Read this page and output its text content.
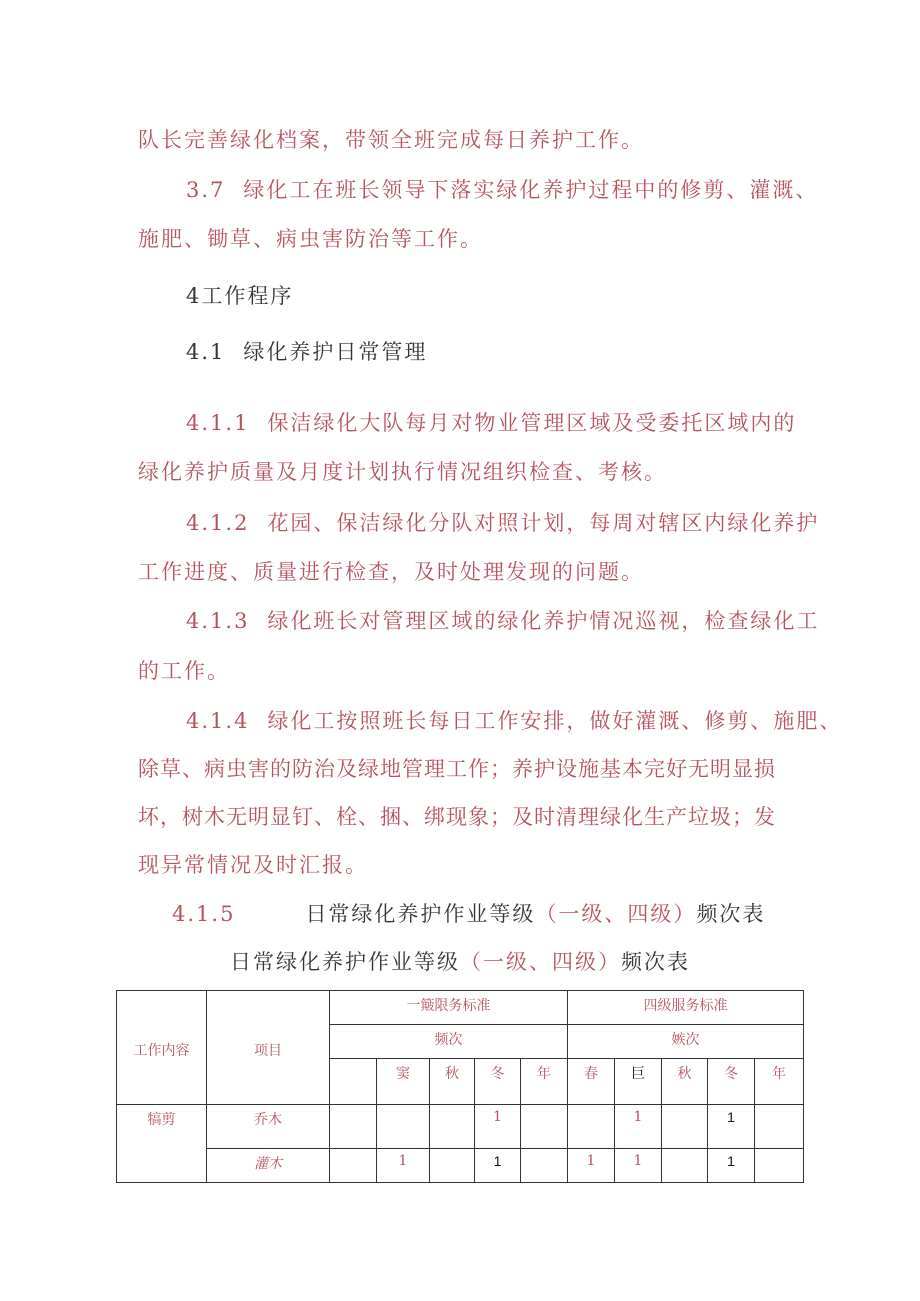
队长完善绿化档案，带领全班完成每日养护工作。
3.7 绿化工在班长领导下落实绿化养护过程中的修剪、灌溉、
施肥、锄草、病虫害防治等工作。
4工作程序
4.1 绿化养护日常管理
4.1.1 保洁绿化大队每月对物业管理区域及受委托区域内的
绿化养护质量及月度计划执行情况组织检查、考核。
4.1.2 花园、保洁绿化分队对照计划，每周对辖区内绿化养护
工作进度、质量进行检查，及时处理发现的问题。
4.1.3 绿化班长对管理区域的绿化养护情况巡视，检查绿化工
的工作。
4.1.4 绿化工按照班长每日工作安排，做好灌溉、修剪、施肥、
除草、病虫害的防治及绿地管理工作；养护设施基本完好无明显损
坏，树木无明显钉、栓、捆、绑现象；及时清理绿化生产垃圾；发
现异常情况及时汇报。
4.1.5	日常绿化养护作业等级（一级、四级）频次表
日常绿化养护作业等级（一级、四级）频次表
工作内容	项目	一簸限务标准					四级服务标准				
		频次					嫉次				
			窦	秋	冬	年	春	巨	秋	冬	年
犒剪	乔木				1			1		1	
	灌木		1		1		1	1		1	
